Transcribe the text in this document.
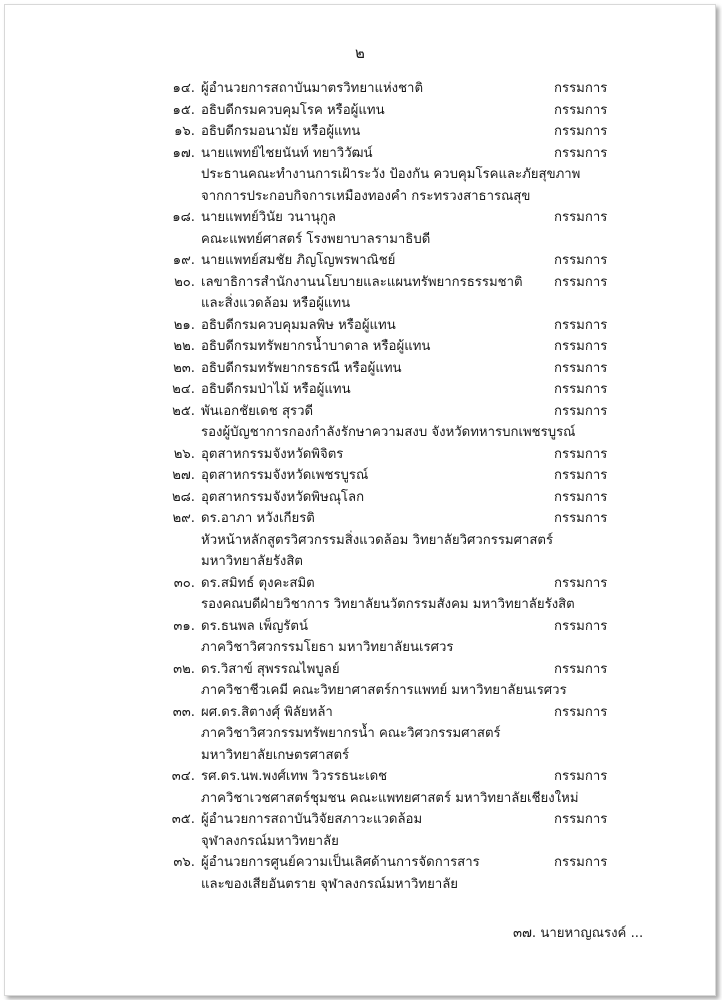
๒
๑๔. ผู้อำนวยการสถาบันมาตรวิทยาแห่งชาติ	กรรมการ
๑๕. อธิบดีกรมควบคุมโรค หรือผู้แทน	กรรมการ
๑๖. อธิบดีกรมอนามัย หรือผู้แทน	กรรมการ
๑๗. นายแพทย์ไชยนันท์ ทยาวิวัฒน์	กรรมการ
ประธานคณะทำงานการเฝ้าระวัง ป้องกัน ควบคุมโรคและภัยสุขภาพ
จากการประกอบกิจการเหมืองทองคำ กระทรวงสาธารณสุข
๑๘. นายแพทย์วินัย วนานุกูล	กรรมการ
คณะแพทย์ศาสตร์ โรงพยาบาลรามาธิบดี
๑๙. นายแพทย์สมชัย ภิญโญพรพาณิชย์	กรรมการ
๒๐. เลขาธิการสำนักงานนโยบายและแผนทรัพยากรธรรมชาติ กรรมการ
และสิ่งแวดล้อม หรือผู้แทน
๒๑. อธิบดีกรมควบคุมมลพิษ หรือผู้แทน	กรรมการ
๒๒. อธิบดีกรมทรัพยากรน้ำบาดาล หรือผู้แทน	กรรมการ
๒๓. อธิบดีกรมทรัพยากรธรณี หรือผู้แทน	กรรมการ
๒๔. อธิบดีกรมป่าไม้ หรือผู้แทน	กรรมการ
๒๕. พันเอกชัยเดช สุรวดี	กรรมการ
รองผู้บัญชาการกองกำลังรักษาความสงบ จังหวัดทหารบกเพชรบูรณ์
๒๖. อุตสาหกรรมจังหวัดพิจิตร	กรรมการ
๒๗. อุตสาหกรรมจังหวัดเพชรบูรณ์	กรรมการ
๒๘. อุตสาหกรรมจังหวัดพิษณุโลก	กรรมการ
๒๙. ดร.อาภา หวังเกียรติ	กรรมการ
หัวหน้าหลักสูตรวิศวกรรมสิ่งแวดล้อม วิทยาลัยวิศวกรรมศาสตร์
มหาวิทยาลัยรังสิต
๓๐. ดร.สมิทธ์ ตุงคะสมิต	กรรมการ
รองคณบดีฝ่ายวิชาการ วิทยาลัยนวัตกรรมสังคม มหาวิทยาลัยรังสิต
๓๑. ดร.ธนพล เพ็ญรัตน์	กรรมการ
ภาควิชาวิศวกรรมโยธา มหาวิทยาลัยนเรศวร
๓๒. ดร.วิสาข์ สุพรรณไพบูลย์	กรรมการ
ภาควิชาชีวเคมี คณะวิทยาศาสตร์การแพทย์ มหาวิทยาลัยนเรศวร
๓๓. ผศ.ดร.สิตางศุ์ พิลัยหล้า	กรรมการ
ภาควิชาวิศวกรรมทรัพยากรน้ำ คณะวิศวกรรมศาสตร์
มหาวิทยาลัยเกษตรศาสตร์
๓๔. รศ.ดร.นพ.พงศ์เทพ วิวรรธนะเดช	กรรมการ
ภาควิชาเวชศาสตร์ชุมชน คณะแพทยศาสตร์ มหาวิทยาลัยเชียงใหม่
๓๕. ผู้อำนวยการสถาบันวิจัยสภาวะแวดล้อม	กรรมการ
จุฬาลงกรณ์มหาวิทยาลัย
๓๖. ผู้อำนวยการศูนย์ความเป็นเลิศด้านการจัดการสาร	กรรมการ
และของเสียอันตราย จุฬาลงกรณ์มหาวิทยาลัย
๓๗. นายหาญณรงค์ ...
